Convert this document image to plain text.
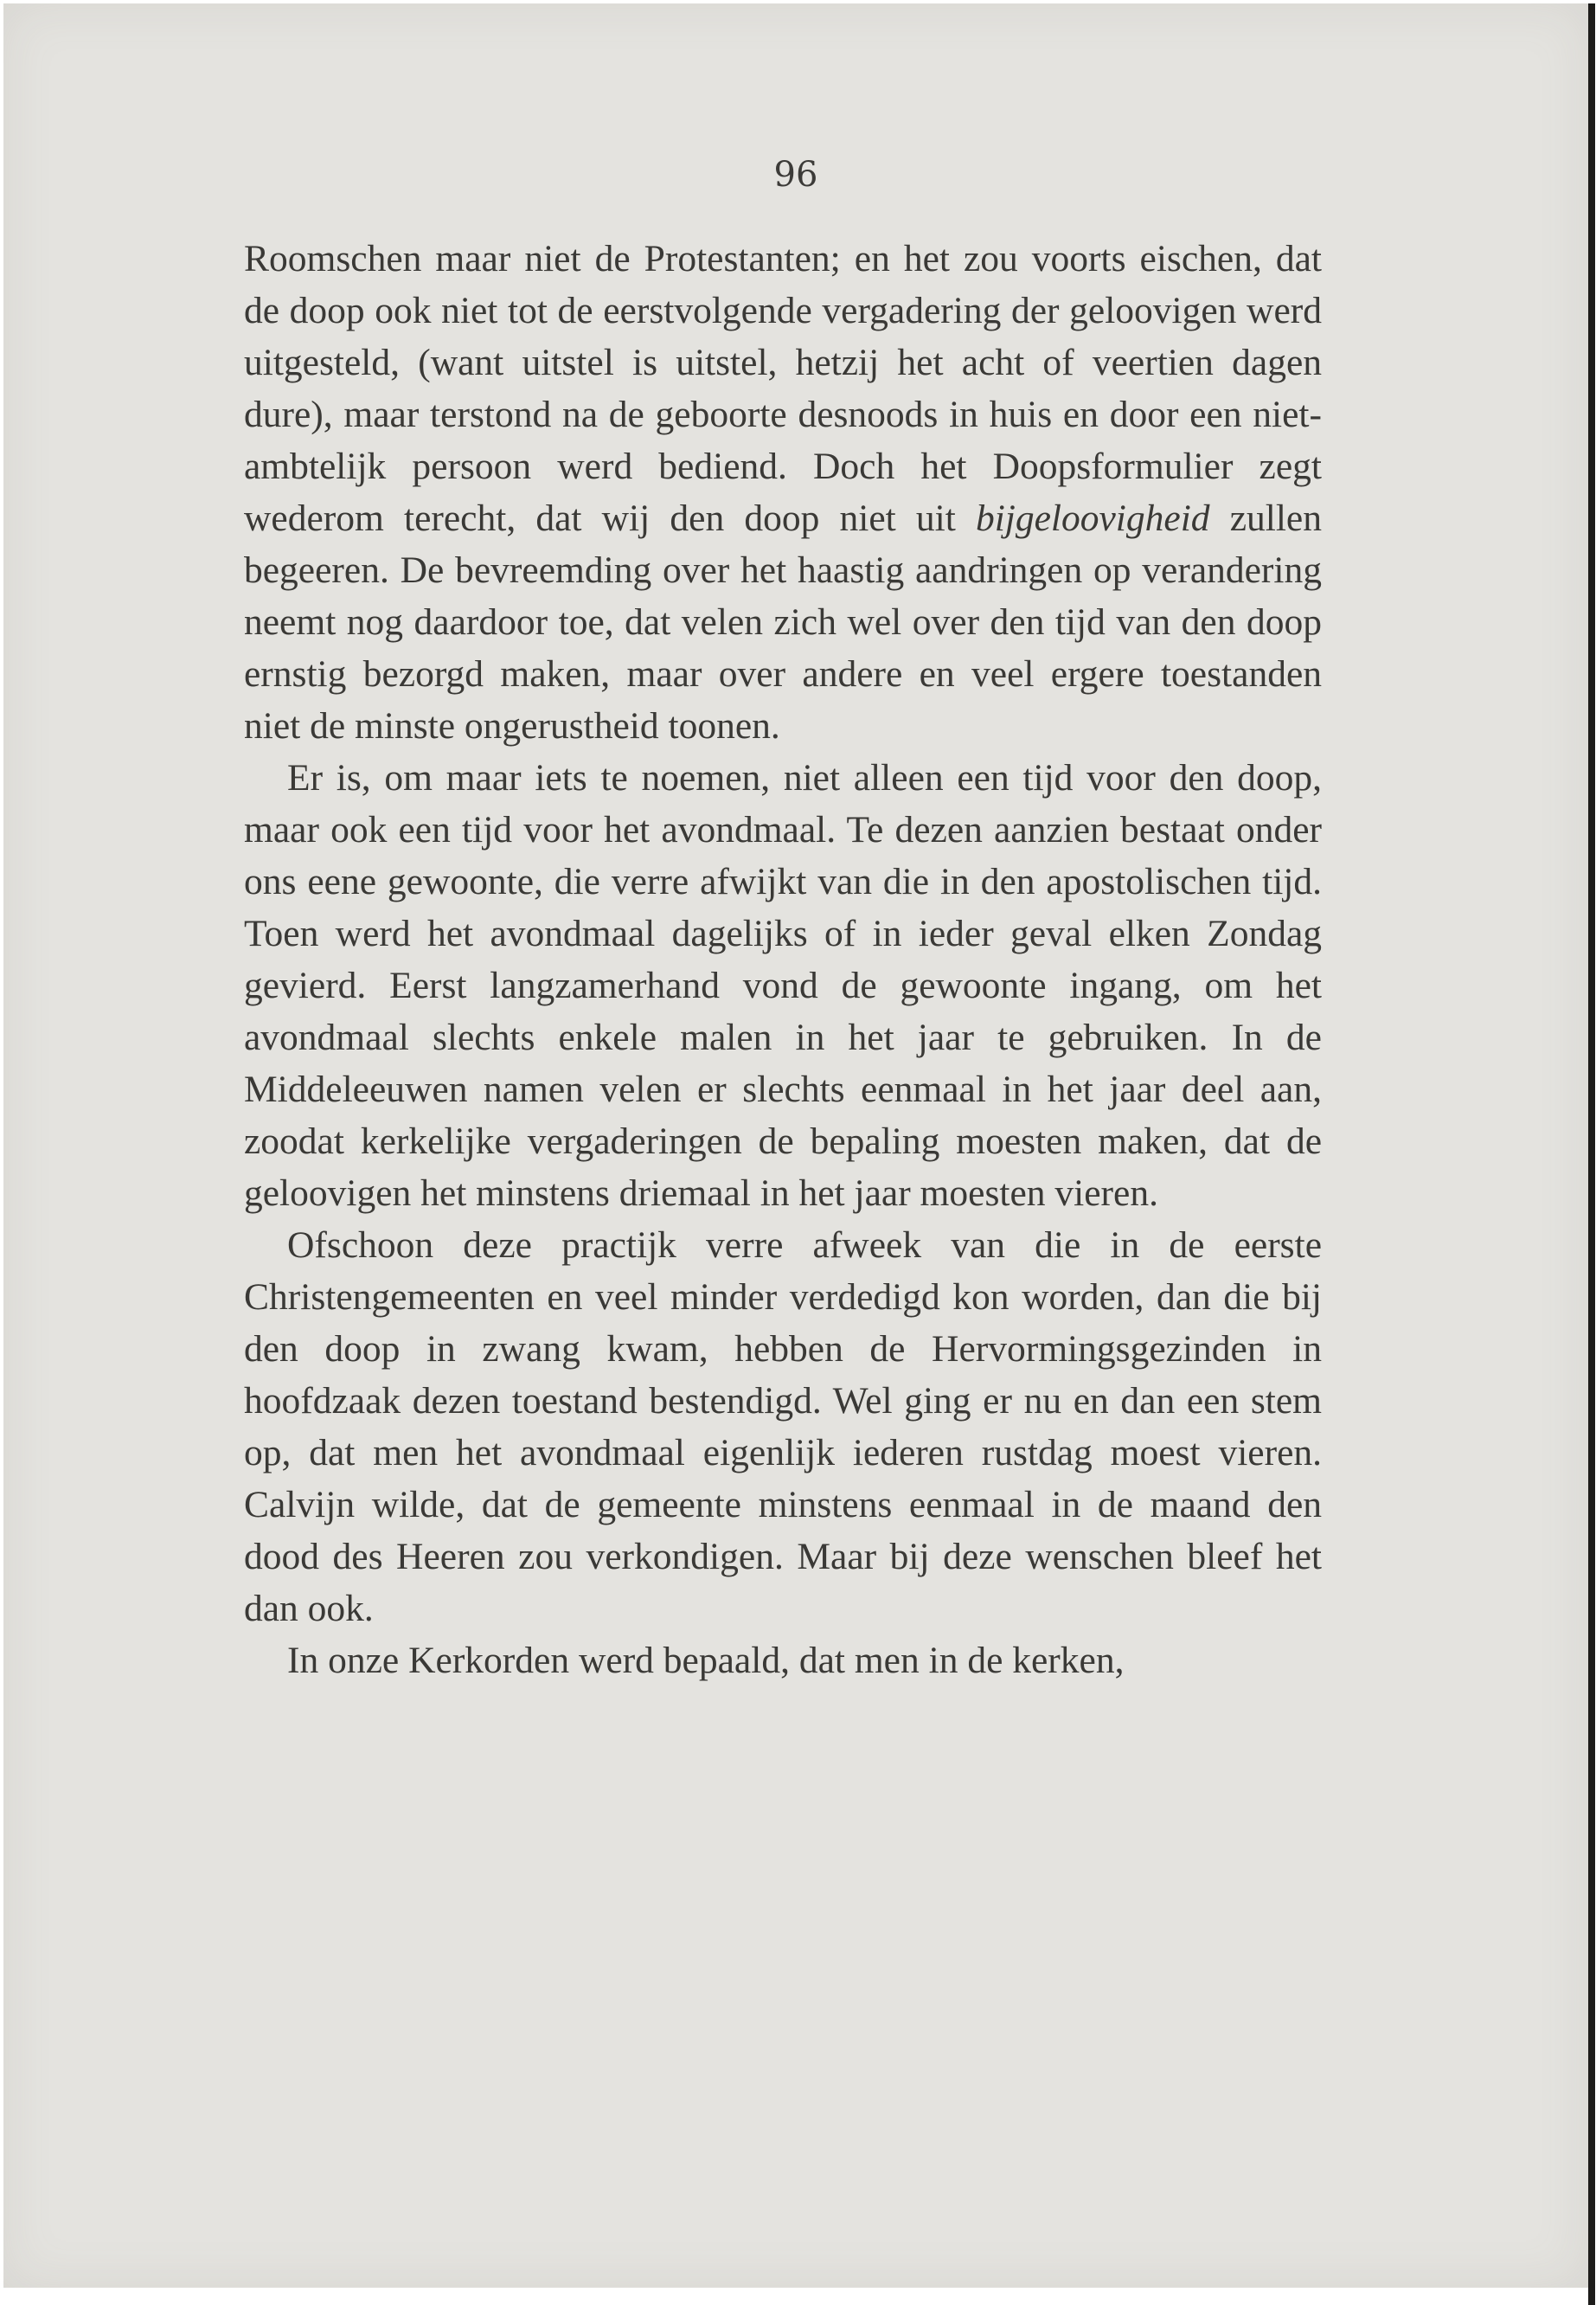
96

Roomschen maar niet de Protestanten; en het zou voorts eischen, dat de doop ook niet tot de eerstvolgende vergadering der geloovigen werd uitgesteld, (want uitstel is uitstel, hetzij het acht of veertien dagen dure), maar terstond na de geboorte desnoods in huis en door een niet-ambtelijk persoon werd bediend. Doch het Doopsformulier zegt wederom terecht, dat wij den doop niet uit bijgeloovigheid zullen begeeren. De bevreemding over het haastig aandringen op verandering neemt nog daardoor toe, dat velen zich wel over den tijd van den doop ernstig bezorgd maken, maar over andere en veel ergere toestanden niet de minste ongerustheid toonen.

Er is, om maar iets te noemen, niet alleen een tijd voor den doop, maar ook een tijd voor het avondmaal. Te dezen aanzien bestaat onder ons eene gewoonte, die verre afwijkt van die in den apostolischen tijd. Toen werd het avondmaal dagelijks of in ieder geval elken Zondag gevierd. Eerst langzamerhand vond de gewoonte ingang, om het avondmaal slechts enkele malen in het jaar te gebruiken. In de Middeleeuwen namen velen er slechts eenmaal in het jaar deel aan, zoodat kerkelijke vergaderingen de bepaling moesten maken, dat de geloovigen het minstens driemaal in het jaar moesten vieren.

Ofschoon deze practijk verre afweek van die in de eerste Christengemeenten en veel minder verdedigd kon worden, dan die bij den doop in zwang kwam, hebben de Hervormingsgezinden in hoofdzaak dezen toestand bestendigd. Wel ging er nu en dan een stem op, dat men het avondmaal eigenlijk iederen rustdag moest vieren. Calvijn wilde, dat de gemeente minstens eenmaal in de maand den dood des Heeren zou verkondigen. Maar bij deze wenschen bleef het dan ook.

In onze Kerkorden werd bepaald, dat men in de kerken,
